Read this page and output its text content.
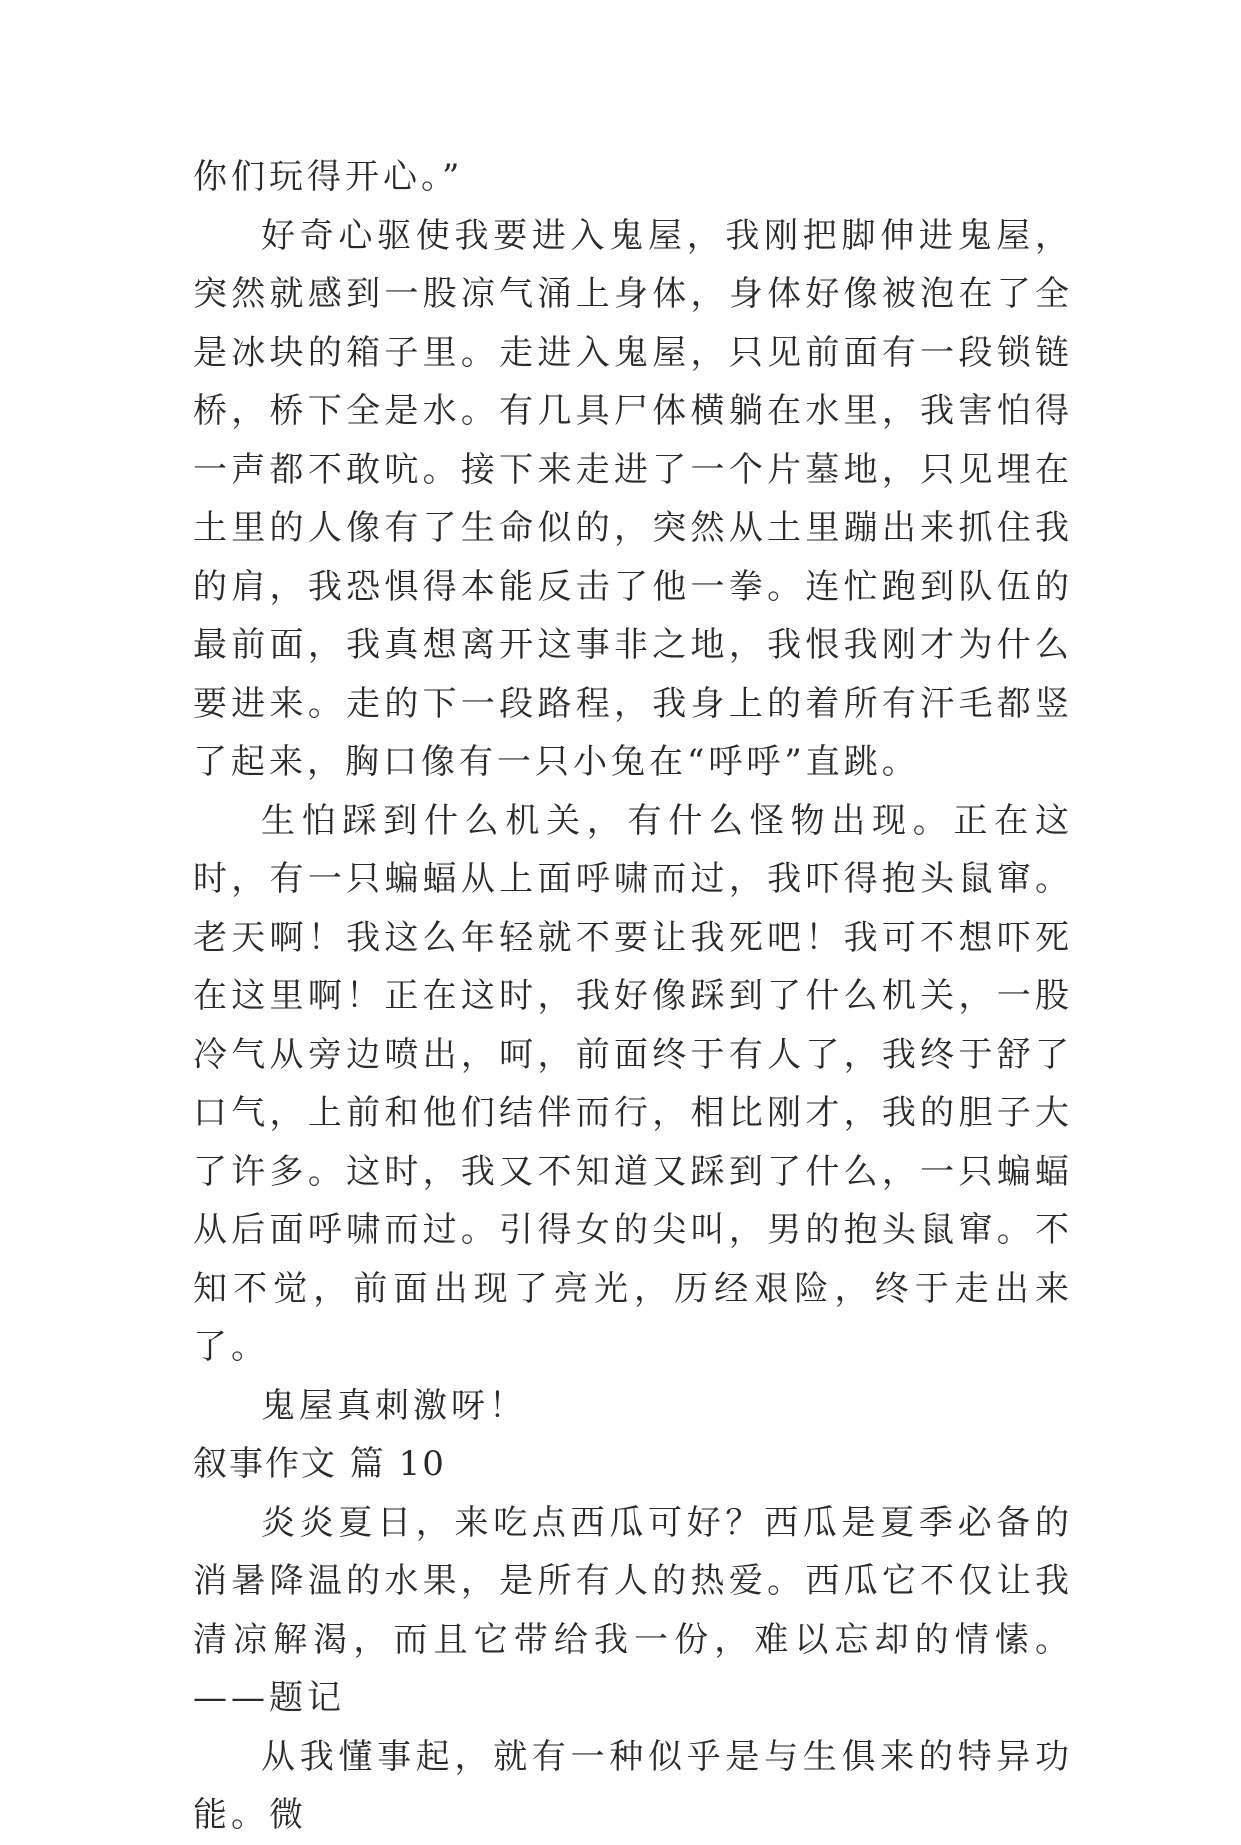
你们玩得开心。”

好奇心驱使我要进入鬼屋，我刚把脚伸进鬼屋，突然就感到一股凉气涌上身体，身体好像被泡在了全是冰块的箱子里。走进入鬼屋，只见前面有一段锁链桥，桥下全是水。有几具尸体横躺在水里，我害怕得一声都不敢吭。接下来走进了一个片墓地，只见埋在土里的人像有了生命似的，突然从土里蹦出来抓住我的肩，我恐惧得本能反击了他一拳。连忙跑到队伍的最前面，我真想离开这事非之地，我恨我刚才为什么要进来。走的下一段路程，我身上的着所有汗毛都竖了起来，胸口像有一只小兔在“呼呼”直跳。

生怕踩到什么机关，有什么怪物出现。正在这时，有一只蝙蝠从上面呼啸而过，我吓得抱头鼠窜。老天啊！我这么年轻就不要让我死吧！我可不想吓死在这里啊！正在这时，我好像踩到了什么机关，一股冷气从旁边喷出，呵，前面终于有人了，我终于舒了口气，上前和他们结伴而行，相比刚才，我的胆子大了许多。这时，我又不知道又踩到了什么，一只蝙蝠从后面呼啸而过。引得女的尖叫，男的抱头鼠窜。不知不觉，前面出现了亮光，历经艰险，终于走出来了。

鬼屋真刺激呀！

叙事作文 篇 10

炎炎夏日，来吃点西瓜可好？西瓜是夏季必备的消暑降温的水果，是所有人的热爱。西瓜它不仅让我清凉解渴，而且它带给我一份，难以忘却的情愫。——题记

从我懂事起，就有一种似乎是与生俱来的特异功能。微
